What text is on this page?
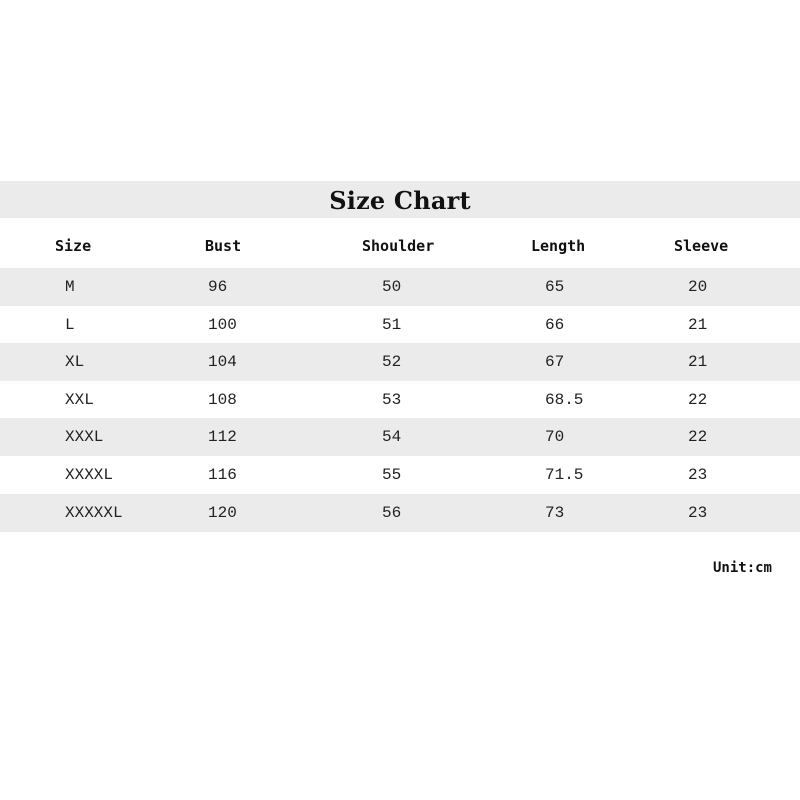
Size Chart
Size	Bust	Shoulder	Length	Sleeve
M	96	50	65	20
L	100	51	66	21
XL	104	52	67	21
XXL	108	53	68.5	22
XXXL	112	54	70	22
XXXXL	116	55	71.5	23
XXXXXL	120	56	73	23
Unit:cm
